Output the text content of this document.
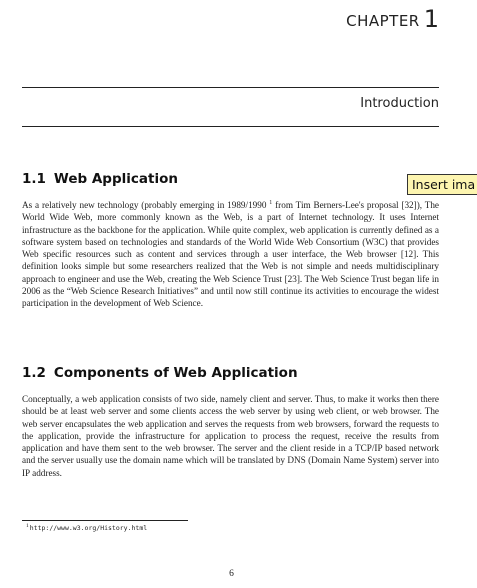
CHAPTER 1
Introduction
1.1 Web Application	Insert ima
As a relatively new technology (probably emerging in 1989/1990 $^1$ from Tim Berners-Lee's proposal [32]), The World Wide Web, more commonly known as the Web, is a part of Internet technology. It uses Internet infrastructure as the backbone for the application. While quite complex, web application is currently defined as a software system based on technologies and standards of the World Wide Web Consortium (W3C) that provides Web specific resources such as content and services through a user interface, the Web browser [12]. This definition looks simple but some researchers realized that the Web is not simple and needs multidisciplinary approach to engineer and use the Web, creating the Web Science Trust [23]. The Web Science Trust began life in 2006 as the “Web Science Research Initiatives” and until now still continue its activities to encourage the widest participation in the development of Web Science.
1.2 Components of Web Application
Conceptually, a web application consists of two side, namely client and server. Thus, to make it works then there should be at least web server and some clients access the web server by using web client, or web browser. The web server encapsulates the web application and serves the requests from web browsers, forward the requests to the application, provide the infrastructure for application to process the request, receive the results from application and have them sent to the web browser. The server and the client reside in a TCP/IP based network and the server usually use the domain name which will be translated by DNS (Domain Name System) server into IP address.
$^1$http://www.w3.org/History.html
6
